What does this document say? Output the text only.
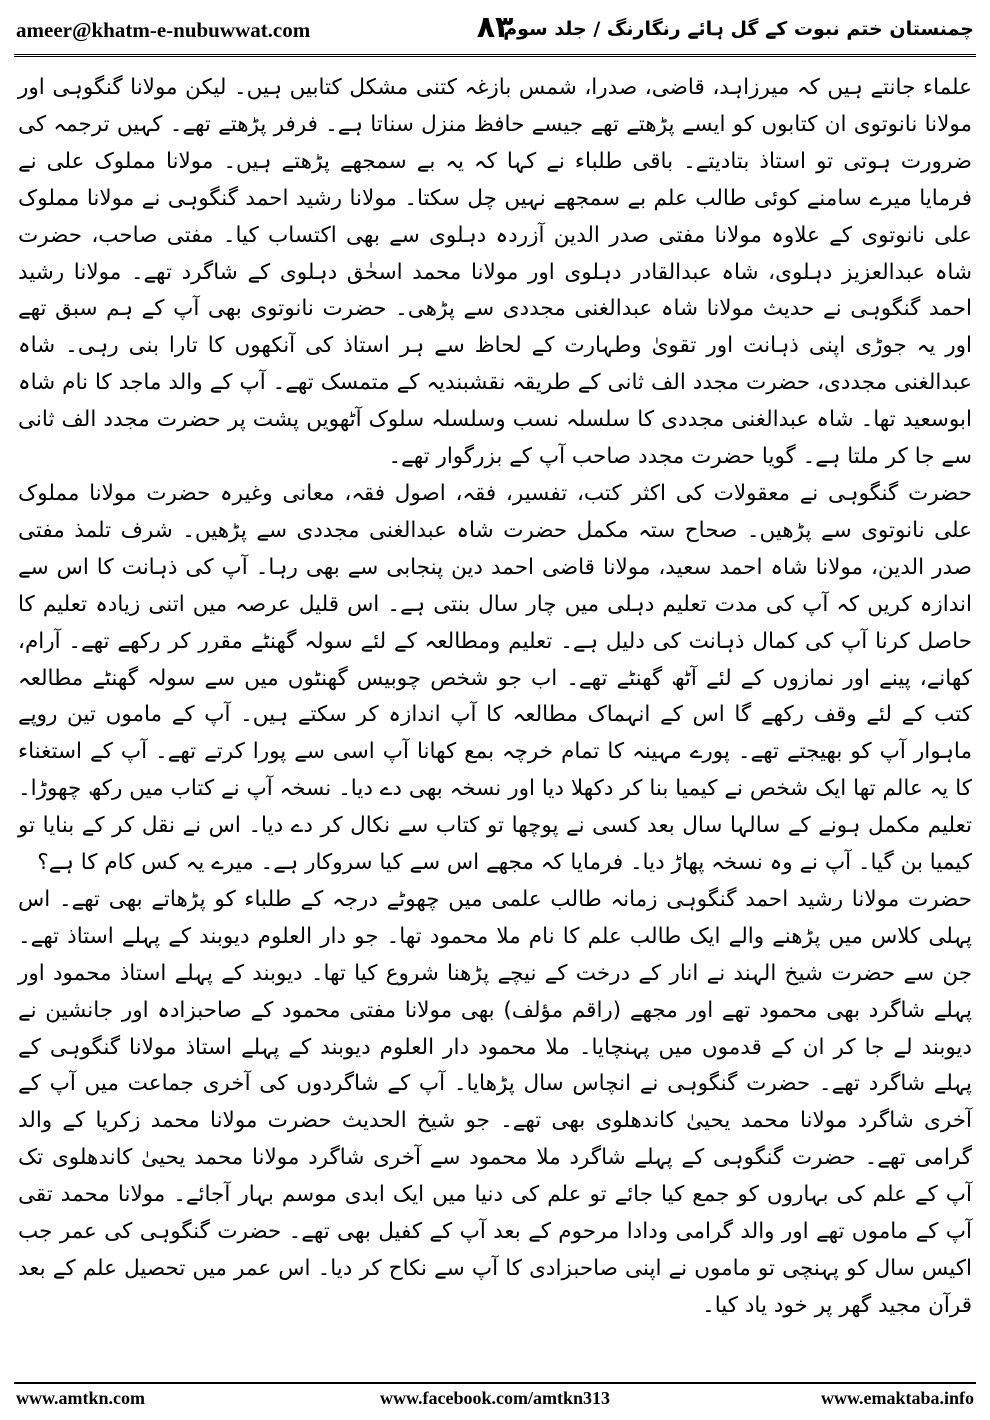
ameer@khatm-e-nubuwwat.com	۸۳
چمنستان ختم نبوت کے گل ہائے رنگارنگ / جلد سوم

علماء جانتے ہیں کہ میرزاہد، قاضی، صدرا، شمس بازغہ کتنی مشکل کتابیں ہیں۔ لیکن مولانا گنگوہی اور مولانا نانوتوی ان کتابوں کو ایسے پڑھتے تھے جیسے حافظ منزل سناتا ہے۔ فرفر پڑھتے تھے۔ کہیں ترجمہ کی ضرورت ہوتی تو استاذ بتادیتے۔ باقی طلباء نے کہا کہ یہ بے سمجھے پڑھتے ہیں۔ مولانا مملوک علی نے فرمایا میرے سامنے کوئی طالب علم بے سمجھے نہیں چل سکتا۔ مولانا رشید احمد گنگوہی نے مولانا مملوک علی نانوتوی کے علاوہ مولانا مفتی صدر الدین آزردہ دہلوی سے بھی اکتساب کیا۔ مفتی صاحب، حضرت شاہ عبدالعزیز دہلوی، شاہ عبدالقادر دہلوی اور مولانا محمد اسحٰق دہلوی کے شاگرد تھے۔ مولانا رشید احمد گنگوہی نے حدیث مولانا شاہ عبدالغنی مجددی سے پڑھی۔ حضرت نانوتوی بھی آپ کے ہم سبق تھے اور یہ جوڑی اپنی ذہانت اور تقویٰ وطہارت کے لحاظ سے ہر استاذ کی آنکھوں کا تارا بنی رہی۔ شاہ عبدالغنی مجددی، حضرت مجدد الف ثانی کے طریقہ نقشبندیہ کے متمسک تھے۔ آپ کے والد ماجد کا نام شاہ ابوسعید تھا۔ شاہ عبدالغنی مجددی کا سلسلہ نسب وسلسلہ سلوک آٹھویں پشت پر حضرت مجدد الف ثانی سے جا کر ملتا ہے۔ گویا حضرت مجدد صاحب آپ کے بزرگوار تھے۔

حضرت گنگوہی نے معقولات کی اکثر کتب، تفسیر، فقہ، اصول فقہ، معانی وغیرہ حضرت مولانا مملوک علی نانوتوی سے پڑھیں۔ صحاح ستہ مکمل حضرت شاہ عبدالغنی مجددی سے پڑھیں۔ شرف تلمذ مفتی صدر الدین، مولانا شاہ احمد سعید، مولانا قاضی احمد دین پنجابی سے بھی رہا۔ آپ کی ذہانت کا اس سے اندازہ کریں کہ آپ کی مدت تعلیم دہلی میں چار سال بنتی ہے۔ اس قلیل عرصہ میں اتنی زیادہ تعلیم کا حاصل کرنا آپ کی کمال ذہانت کی دلیل ہے۔ تعلیم ومطالعہ کے لئے سولہ گھنٹے مقرر کر رکھے تھے۔ آرام، کھانے، پینے اور نمازوں کے لئے آٹھ گھنٹے تھے۔ اب جو شخص چوبیس گھنٹوں میں سے سولہ گھنٹے مطالعہ کتب کے لئے وقف رکھے گا اس کے انہماک مطالعہ کا آپ اندازہ کر سکتے ہیں۔ آپ کے ماموں تین روپے ماہوار آپ کو بھیجتے تھے۔ پورے مہینہ کا تمام خرچہ بمع کھانا آپ اسی سے پورا کرتے تھے۔ آپ کے استغناء کا یہ عالم تھا ایک شخص نے کیمیا بنا کر دکھلا دیا اور نسخہ بھی دے دیا۔ نسخہ آپ نے کتاب میں رکھ چھوڑا۔ تعلیم مکمل ہونے کے سالہا سال بعد کسی نے پوچھا تو کتاب سے نکال کر دے دیا۔ اس نے نقل کر کے بنایا تو کیمیا بن گیا۔ آپ نے وہ نسخہ پھاڑ دیا۔ فرمایا کہ مجھے اس سے کیا سروکار ہے۔ میرے یہ کس کام کا ہے؟

حضرت مولانا رشید احمد گنگوہی زمانہ طالب علمی میں چھوٹے درجہ کے طلباء کو پڑھاتے بھی تھے۔ اس پہلی کلاس میں پڑھنے والے ایک طالب علم کا نام ملا محمود تھا۔ جو دار العلوم دیوبند کے پہلے استاذ تھے۔ جن سے حضرت شیخ الہند نے انار کے درخت کے نیچے پڑھنا شروع کیا تھا۔ دیوبند کے پہلے استاذ محمود اور پہلے شاگرد بھی محمود تھے اور مجھے (راقم مؤلف) بھی مولانا مفتی محمود کے صاحبزادہ اور جانشین نے دیوبند لے جا کر ان کے قدموں میں پہنچایا۔ ملا محمود دار العلوم دیوبند کے پہلے استاذ مولانا گنگوہی کے پہلے شاگرد تھے۔ حضرت گنگوہی نے انچاس سال پڑھایا۔ آپ کے شاگردوں کی آخری جماعت میں آپ کے آخری شاگرد مولانا محمد یحییٰ کاندھلوی بھی تھے۔ جو شیخ الحدیث حضرت مولانا محمد زکریا کے والد گرامی تھے۔ حضرت گنگوہی کے پہلے شاگرد ملا محمود سے آخری شاگرد مولانا محمد یحییٰ کاندھلوی تک آپ کے علم کی بہاروں کو جمع کیا جائے تو علم کی دنیا میں ایک ابدی موسم بہار آجائے۔ مولانا محمد تقی آپ کے ماموں تھے اور والد گرامی ودادا مرحوم کے بعد آپ کے کفیل بھی تھے۔ حضرت گنگوہی کی عمر جب اکیس سال کو پہنچی تو ماموں نے اپنی صاحبزادی کا آپ سے نکاح کر دیا۔ اس عمر میں تحصیل علم کے بعد قرآن مجید گھر پر خود یاد کیا۔

www.amtkn.com	www.facebook.com/amtkn313	www.emaktaba.info
